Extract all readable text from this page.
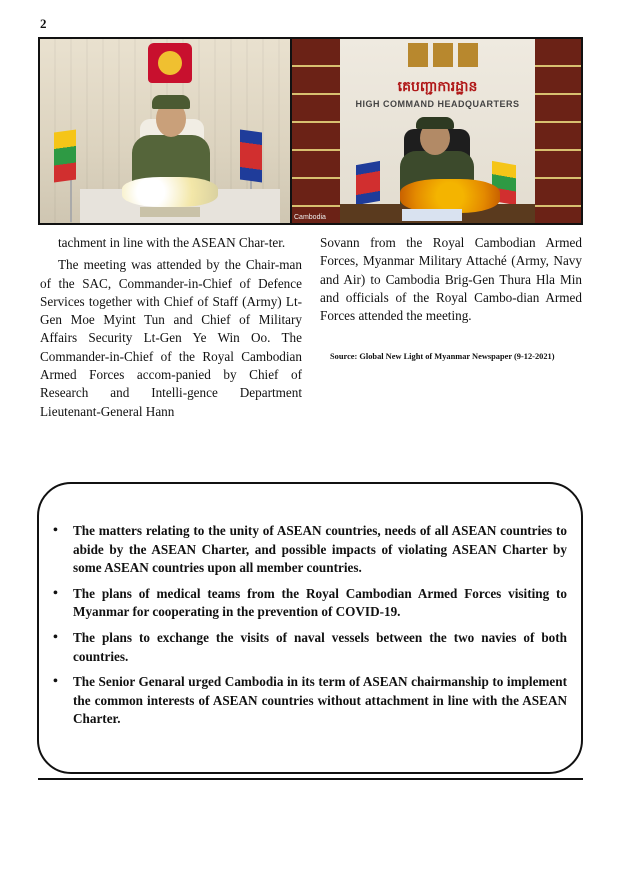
2
គេបញ្ជាការដ្ឋាន
HIGH COMMAND HEADQUARTERS
Cambodia

tachment in line with the ASEAN Char-ter.

The meeting was attended by the Chair-man of the SAC, Commander-in-Chief of Defence Services together with Chief of Staff (Army) Lt-Gen Moe Myint Tun and Chief of Military Affairs Security Lt-Gen Ye Win Oo. The Commander-in-Chief of the Royal Cambodian Armed Forces accom-panied by Chief of Research and Intelli-gence Department Lieutenant-General Hann

Sovann from the Royal Cambodian Armed Forces, Myanmar Military Attaché (Army, Navy and Air) to Cambodia Brig-Gen Thura Hla Min and officials of the Royal Cambo-dian Armed Forces attended the meeting.

Source: Global New Light of Myanmar Newspaper (9-12-2021)
• The matters relating to the unity of ASEAN countries, needs of all ASEAN countries to abide by the ASEAN Charter, and possible impacts of violating ASEAN Charter by some ASEAN countries upon all member countries.
• The plans of medical teams from the Royal Cambodian Armed Forces visiting to Myanmar for cooperating in the prevention of COVID-19.
• The plans to exchange the visits of naval vessels between the two navies of both countries.
• The Senior Genaral urged Cambodia in its term of ASEAN chairmanship to implement the common interests of ASEAN countries without attachment in line with the ASEAN Charter.
